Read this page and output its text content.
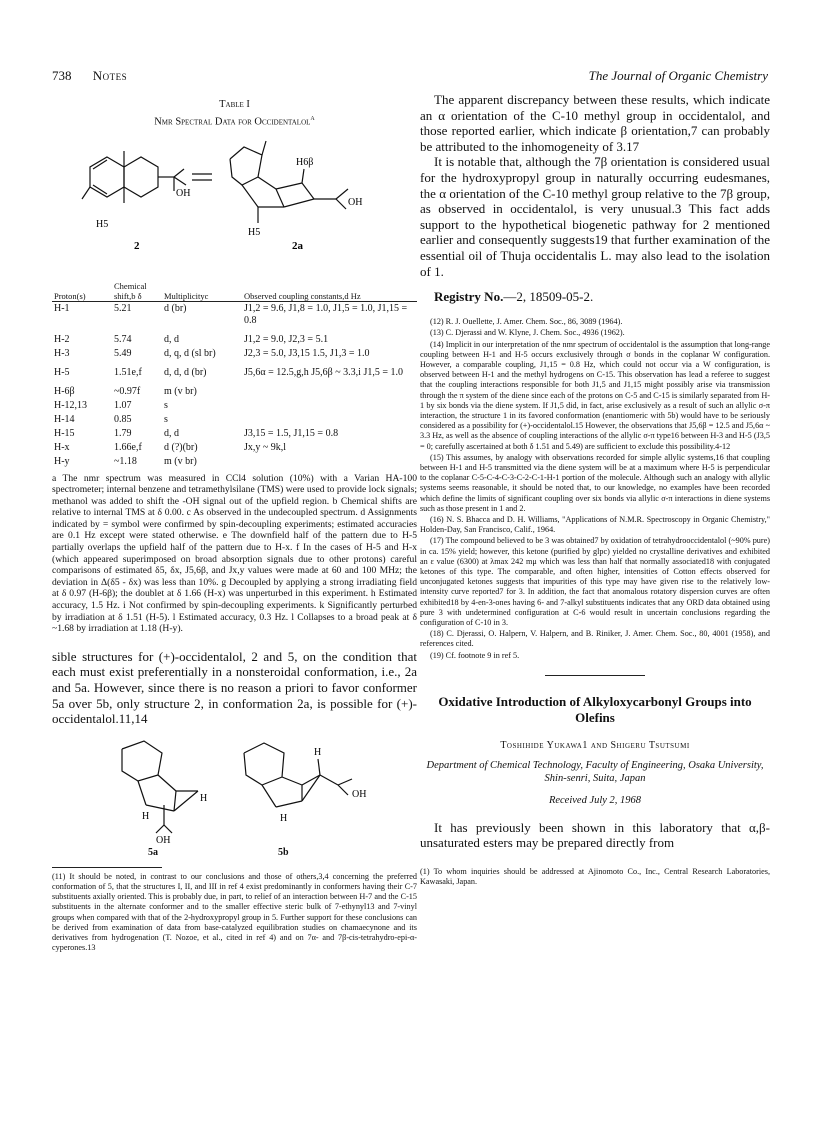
738 Notes	The Journal of Organic Chemistry
Table I
Nmr Spectral Data for Occidentalol$^a$
H5
OH
2
H5
H6β
OH
2a
Proton(s)	Chemical shift,b δ	Multiplicityc	Observed coupling constants,d Hz
H-1	5.21	d (br)	J1,2 = 9.6, J1,8 = 1.0, J1,5 = 1.0, J1,15 = 0.8
H-2	5.74	d, d	J1,2 = 9.0, J2,3 = 5.1
H-3	5.49	d, q, d (sl br)	J2,3 = 5.0, J3,15 1.5, J1,3 = 1.0
H-5	1.51e,f	d, d, d (br)	J5,6α = 12.5,g,h J5,6β ~ 3.3,i J1,5 = 1.0
H-6β	~0.97f	m (v br)	
H-12,13	1.07	s	
H-14	0.85	s	
H-15	1.79	d, d	J3,15 = 1.5, J1,15 = 0.8
H-x	1.66e,f	d (?)(br)	Jx,y ~ 9k,l
H-y	~1.18	m (v br)	
a The nmr spectrum was measured in CCl4 solution (10%) with a Varian HA-100 spectrometer; internal benzene and tetramethylsilane (TMS) were used to provide lock signals; methanol was added to shift the -OH signal out of the upfield region. b Chemical shifts are relative to internal TMS at δ 0.00. c As observed in the undecoupled spectrum. d Assignments indicated by = symbol were confirmed by spin-decoupling experiments; estimated accuracies are 0.1 Hz except were stated otherwise. e The downfield half of the pattern due to H-5 partially overlaps the upfield half of the pattern due to H-x. f In the cases of H-5 and H-x (which appeared superimposed on broad absorption signals due to other protons) careful comparisons of estimated δ5, δx, J5,6β, and Jx,y values were made at 60 and 100 MHz; the deviation in Δ(δ5 - δx) was less than 10%. g Decoupled by applying a strong irradiating field at δ 0.97 (H-6β); the doublet at δ 1.66 (H-x) was unperturbed in this experiment. h Estimated accuracy, 1.5 Hz. i Not confirmed by spin-decoupling experiments. k Significantly perturbed by irradiation at δ 1.51 (H-5). l Estimated accuracy, 0.3 Hz. l Collapses to a broad peak at δ ~1.68 by irradiation at 1.18 (H-y).

sible structures for (+)-occidentalol, 2 and 5, on the condition that each must exist preferentially in a nonsteroidal conformation, i.e., 2a and 5a. However, since there is no reason a priori to favor conformer 5a over 5b, only structure 2, in conformation 2a, is possible for (+)-occidentalol.11,14

H
H
OH
H
H
OH
5a	5b
(11) It should be noted, in contrast to our conclusions and those of others,3,4 concerning the preferred conformation of 5, that the structures I, II, and III in ref 4 exist predominantly in conformers having their C-7 substituents axially oriented. This is probably due, in part, to relief of an interaction between H-7 and the C-15 substituents in the alternate conformer and to the smaller effective steric bulk of 7-ethynyl13 and 7-vinyl groups when compared with that of the 2-hydroxypropyl group in 5. Further support for these conclusions can be derived from examination of data from base-catalyzed equilibration studies on chamaecynone and its derivatives from hydrogenation (T. Nozoe, et al., cited in ref 4) and on 7α- and 7β-cis-tetrahydro-epi-α-cyperones.13

The apparent discrepancy between these results, which indicate an α orientation of the C-10 methyl group in occidentalol, and those reported earlier, which indicate β orientation,7 can probably be attributed to the inhomogeneity of 3.17

It is notable that, although the 7β orientation is considered usual for the hydroxypropyl group in naturally occurring eudesmanes, the α orientation of the C-10 methyl group relative to the 7β group, as observed in occidentalol, is very unusual.3 This fact adds support to the hypothetical biogenetic pathway for 2 mentioned earlier and consequently suggests19 that further examination of the essential oil of Thuja occidentalis L. may also lead to the isolation of 1.

Registry No.—2, 18509-05-2.

(12) R. J. Ouellette, J. Amer. Chem. Soc., 86, 3089 (1964).

(13) C. Djerassi and W. Klyne, J. Chem. Soc., 4936 (1962).

(14) Implicit in our interpretation of the nmr spectrum of occidentalol is the assumption that long-range coupling between H-1 and H-5 occurs exclusively through σ bonds in the coplanar W configuration. However, a comparable coupling, J1,15 = 0.8 Hz, which could not occur via a W configuration, is observed between H-1 and the methyl hydrogens on C-15. This observation has lead a referee to suggest that the coupling interactions responsible for both J1,5 and J1,15 might possibly arise via transmission through the π system of the diene since each of the protons on C-5 and C-15 is similarly separated from H-1 by six bonds via the diene system. If J1,5 did, in fact, arise exclusively as a result of such an allylic σ-π interaction, the structure 1 in its favored conformation (enantiomeric with 5b) would have to be seriously considered as a possibility for (+)-occidentalol.15 However, the observations that J5,6β = 12.5 and J5,6α ~ 3.3 Hz, as well as the absence of coupling interactions of the allylic σ-π type16 between H-3 and H-5 (J3,5 = 0; carefully ascertained at both δ 1.51 and 5.49) are sufficient to exclude this possibility.4-12

(15) This assumes, by analogy with observations recorded for simple allylic systems,16 that coupling between H-1 and H-5 transmitted via the diene system will be at a maximum where H-5 is perpendicular to the coplanar C-5-C-4-C-3-C-2-C-1-H-1 portion of the molecule. Although such an analogy with allylic systems seems reasonable, it should be noted that, to our knowledge, no examples have been recorded which define the limits of significant coupling over six bonds via allylic σ-π interactions in diene systems such as those present in 1 and 2.

(16) N. S. Bhacca and D. H. Williams, "Applications of N.M.R. Spectroscopy in Organic Chemistry," Holden-Day, San Francisco, Calif., 1964.

(17) The compound believed to be 3 was obtained7 by oxidation of tetrahydrooccidentalol (~90% pure) in ca. 15% yield; however, this ketone (purified by glpc) yielded no crystalline derivatives and exhibited an ε value (6300) at λmax 242 mμ which was less than half that normally associated18 with conjugated ketones of this type. The comparable, and often higher, intensities of Cotton effects observed for unconjugated ketones suggests that impurities of this type may have given rise to the relatively low-intensity curve reported7 for 3. In addition, the fact that anomalous rotatory dispersion curves are often exhibited18 by 4-en-3-ones having 6- and 7-alkyl substituents indicates that any ORD data obtained using pure 3 with undetermined configuration at C-6 would result in uncertain conclusions regarding the configuration of C-10 in 3.

(18) C. Djerassi, O. Halpern, V. Halpern, and B. Riniker, J. Amer. Chem. Soc., 80, 4001 (1958), and references cited.

(19) Cf. footnote 9 in ref 5.

Oxidative Introduction of Alkyloxycarbonyl Groups into Olefins
Toshihide Yukawa1 and Shigeru Tsutsumi
Department of Chemical Technology, Faculty of Engineering, Osaka University, Shin-senri, Suita, Japan
Received July 2, 1968

It has previously been shown in this laboratory that α,β-unsaturated esters may be prepared directly from

(1) To whom inquiries should be addressed at Ajinomoto Co., Inc., Central Research Laboratories, Kawasaki, Japan.
